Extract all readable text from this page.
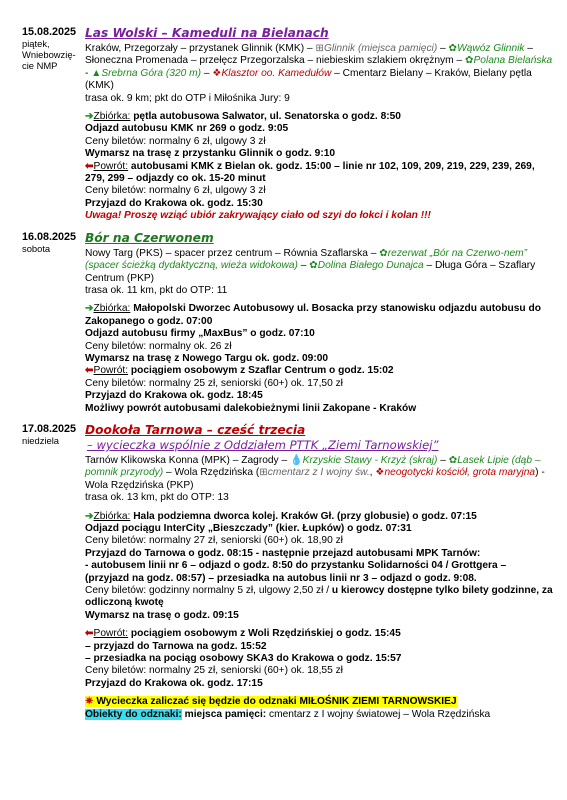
15.08.2025
piątek,
Wniebowzię-
cie NMP
Las Wolski – Kameduli na Bielanach
Kraków, Przegorzały – przystanek Glinnik (KMK) – ⊞Glinnik (miejsca pamięci) – ✿Wąwóz Glinnik – Słoneczna Promenada – przełęcz Przegorzalska – niebieskim szlakiem okrężnym – ✿Polana Bielańska - ▲Srebrna Góra (320 m) – ❖Klasztor oo. Kamedułów – Cmentarz Bielany – Kraków, Bielany pętla (KMK)
trasa ok. 9 km; pkt do OTP i Miłośnika Jury: 9
➔Zbiórka: pętla autobusowa Salwator, ul. Senatorska o godz. 8:50
Odjazd autobusu KMK nr 269 o godz. 9:05
Ceny biletów: normalny 6 zł, ulgowy 3 zł
Wymarsz na trasę z przystanku Glinnik o godz. 9:10
⬅Powrót: autobusami KMK z Bielan ok. godz. 15:00 – linie nr 102, 109, 209, 219, 229, 239, 269, 279, 299 – odjazdy co ok. 15-20 minut
Ceny biletów: normalny 6 zł, ulgowy 3 zł
Przyjazd do Krakowa ok. godz. 15:30
Uwaga! Proszę wziąć ubiór zakrywający ciało od szyi do łokci i kolan !!!
16.08.2025
sobota
Bór na Czerwonem
Nowy Targ (PKS) – spacer przez centrum – Równia Szaflarska – ✿rezerwat „Bór na Czerwo-nem” (spacer ścieżką dydaktyczną, wieża widokowa) – ✿Dolina Białego Dunajca – Długa Góra – Szaflary Centrum (PKP)
trasa ok. 11 km, pkt do OTP: 11
➔Zbiórka: Małopolski Dworzec Autobusowy ul. Bosacka przy stanowisku odjazdu autobusu do Zakopanego o godz. 07:00
Odjazd autobusu firmy „MaxBus” o godz. 07:10
Ceny biletów: normalny ok. 26 zł
Wymarsz na trasę z Nowego Targu ok. godz. 09:00
⬅Powrót: pociągiem osobowym z Szaflar Centrum o godz. 15:02
Ceny biletów: normalny 25 zł, seniorski (60+) ok. 17,50 zł
Przyjazd do Krakowa ok. godz. 18:45
Możliwy powrót autobusami dalekobieżnymi linii Zakopane - Kraków
17.08.2025
niedziela
Dookoła Tarnowa – cześć trzecia
– wycieczka wspólnie z Oddziałem PTTK „Ziemi Tarnowskiej”
Tarnów Klikowska Konna (MPK) – Zagrody – 💧Krzyskie Stawy - Krzyż (skraj) – ✿Lasek Lipie (dąb – pomnik przyrody) – Wola Rzędzińska (⊞cmentarz z I wojny św., ❖neogotycki kościół, grota maryjna) - Wola Rzędzińska (PKP)
trasa ok. 13 km, pkt do OTP: 13
➔Zbiórka: Hala podziemna dworca kolej. Kraków Gł. (przy globusie) o godz. 07:15
Odjazd pociągu InterCity „Bieszczady” (kier. Łupków) o godz. 07:31
Ceny biletów: normalny 27 zł, seniorski (60+) ok. 18,90 zł
Przyjazd do Tarnowa o godz. 08:15 - następnie przejazd autobusami MPK Tarnów:
- autobusem linii nr 6 – odjazd o godz. 8:50 do przystanku Solidarności 04 / Grottgera – (przyjazd na godz. 08:57) – przesiadka na autobus linii nr 3 – odjazd o godz. 9:08.
Ceny biletów: godzinny normalny 5 zł, ulgowy 2,50 zł / u kierowcy dostępne tylko bilety godzinne, za odliczoną kwotę
Wymarsz na trasę o godz. 09:15
⬅Powrót: pociągiem osobowym z Woli Rzędzińskiej o godz. 15:45
– przyjazd do Tarnowa na godz. 15:52
– przesiadka na pociąg osobowy SKA3 do Krakowa o godz. 15:57
Ceny biletów: normalny 25 zł, seniorski (60+) ok. 18,55 zł
Przyjazd do Krakowa ok. godz. 17:15
✷ Wycieczka zaliczać się będzie do odznaki MIŁOŚNIK ZIEMI TARNOWSKIEJ
Obiekty do odznaki: miejsca pamięci: cmentarz z I wojny światowej – Wola Rzędzińska
